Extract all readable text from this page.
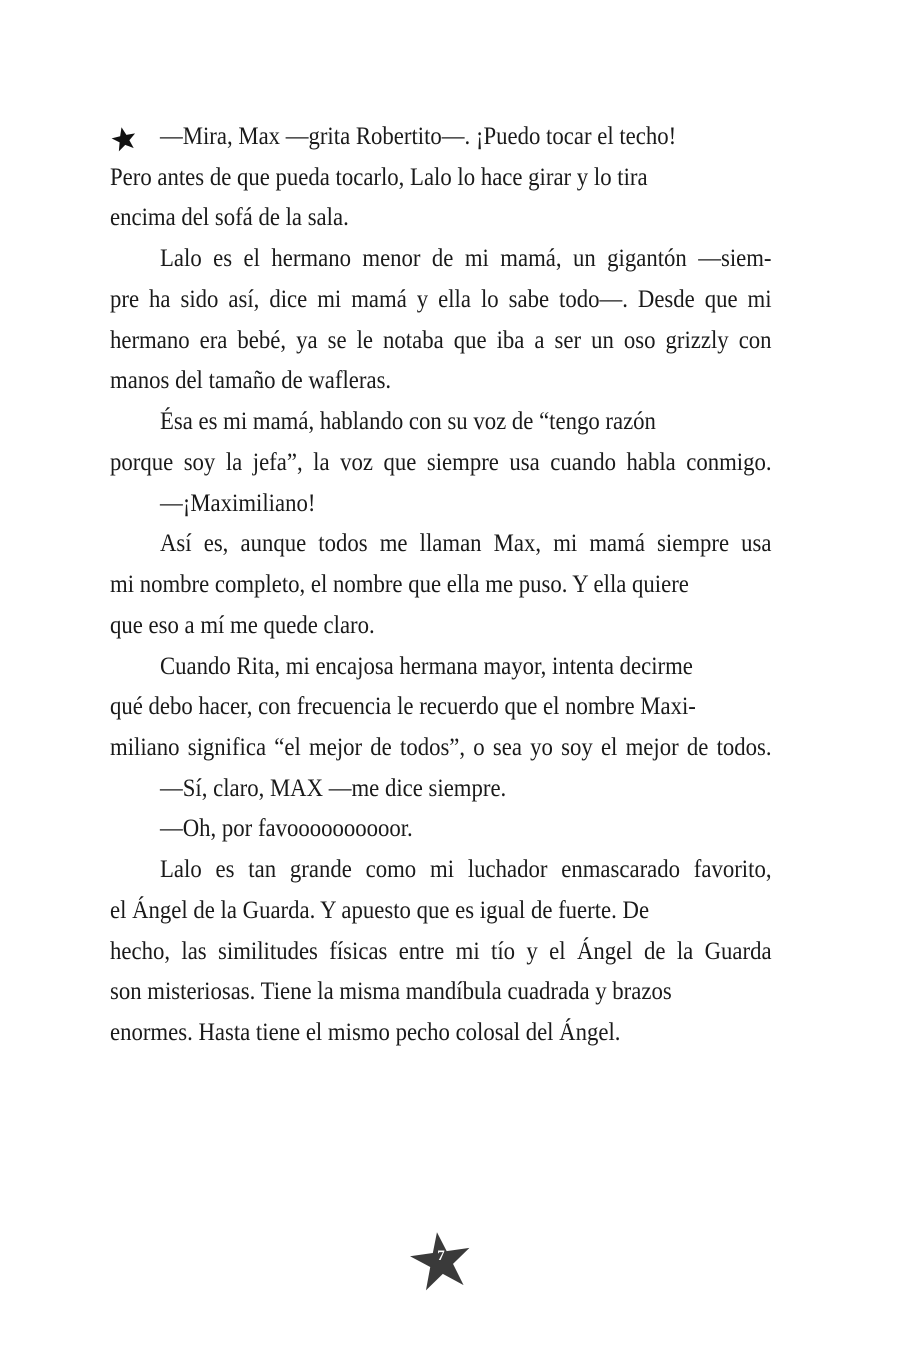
—Mira, Max —grita Robertito—. ¡Puedo tocar el techo!
Pero antes de que pueda tocarlo, Lalo lo hace girar y lo tira
encima del sofá de la sala.
Lalo es el hermano menor de mi mamá, un gigantón —siem-
pre ha sido así, dice mi mamá y ella lo sabe todo—. Desde que mi
hermano era bebé, ya se le notaba que iba a ser un oso grizzly con
manos del tamaño de wafleras.
Ésa es mi mamá, hablando con su voz de “tengo razón
porque soy la jefa”, la voz que siempre usa cuando habla conmigo.
—¡Maximiliano!
Así es, aunque todos me llaman Max, mi mamá siempre usa
mi nombre completo, el nombre que ella me puso. Y ella quiere
que eso a mí me quede claro.
Cuando Rita, mi encajosa hermana mayor, intenta decirme
qué debo hacer, con frecuencia le recuerdo que el nombre Maxi-
miliano significa “el mejor de todos”, o sea yo soy el mejor de todos.
—Sí, claro, MAX —me dice siempre.
—Oh, por favoooooooooor.
Lalo es tan grande como mi luchador enmascarado favorito,
el Ángel de la Guarda. Y apuesto que es igual de fuerte. De
hecho, las similitudes físicas entre mi tío y el Ángel de la Guarda
son misteriosas. Tiene la misma mandíbula cuadrada y brazos
enormes. Hasta tiene el mismo pecho colosal del Ángel.
7
